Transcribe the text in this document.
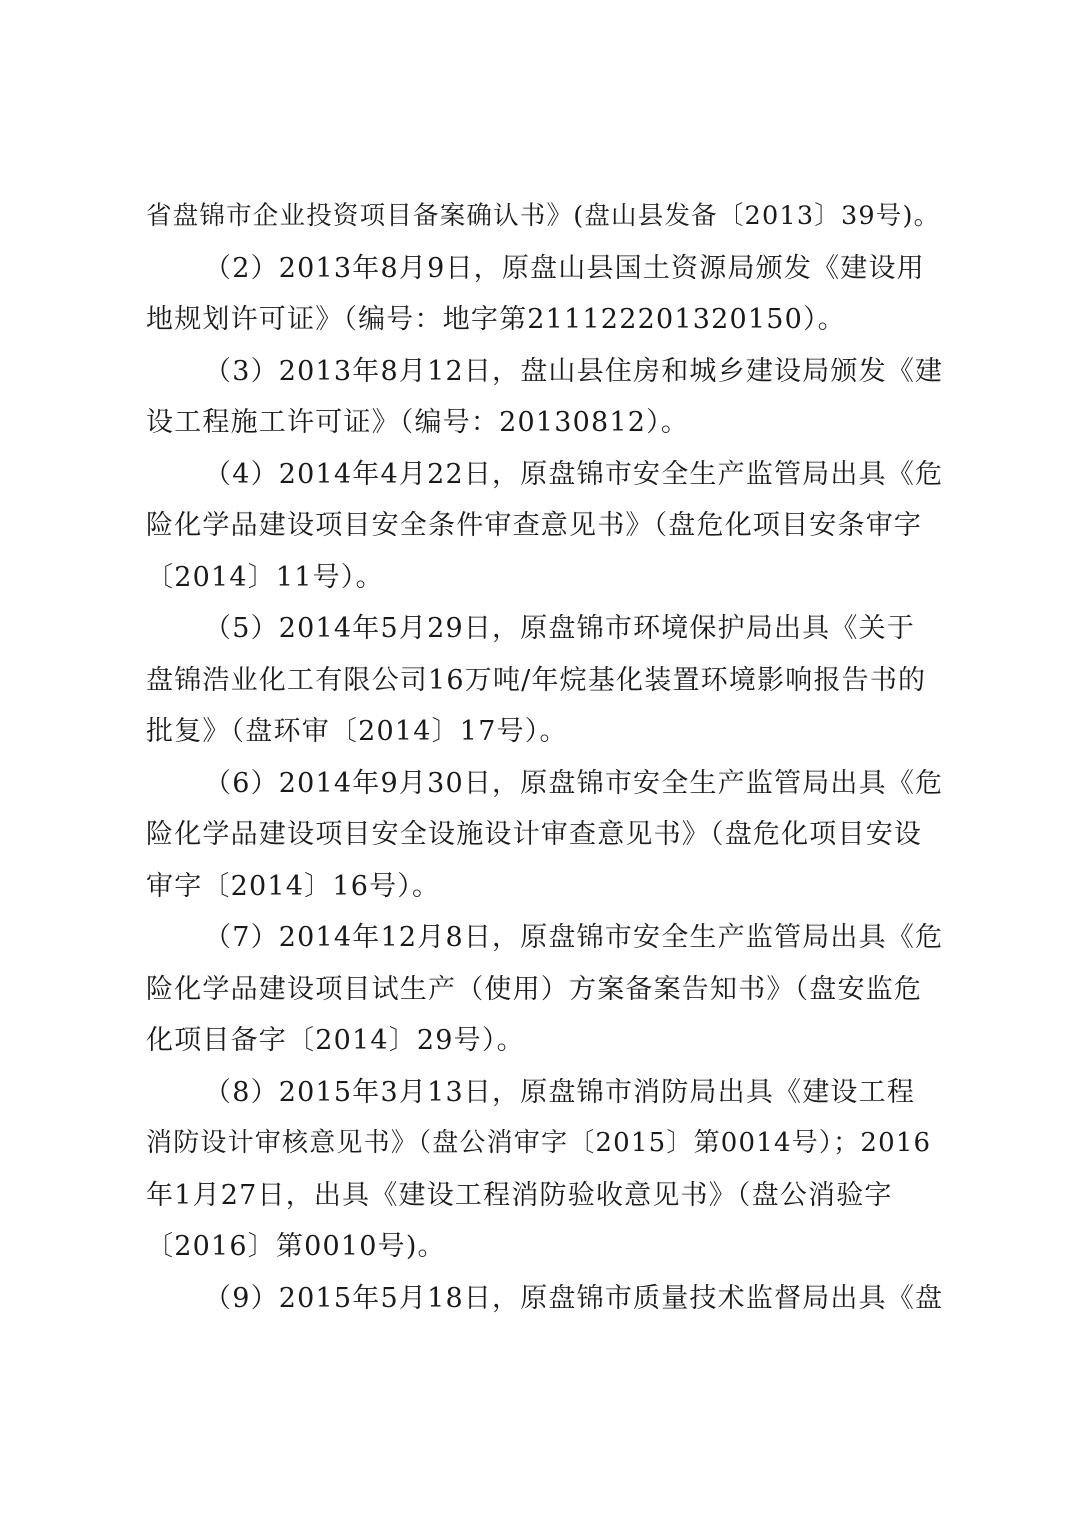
省盘锦市企业投资项目备案确认书》(盘山县发备〔2013〕39号)。
（2）2013年8月9日，原盘山县国土资源局颁发《建设用
地规划许可证》（编号：地字第211122201320150）。
（3）2013年8月12日，盘山县住房和城乡建设局颁发《建
设工程施工许可证》（编号：20130812）。
（4）2014年4月22日，原盘锦市安全生产监管局出具《危
险化学品建设项目安全条件审查意见书》（盘危化项目安条审字
〔2014〕11号）。
（5）2014年5月29日，原盘锦市环境保护局出具《关于
盘锦浩业化工有限公司16万吨/年烷基化装置环境影响报告书的
批复》（盘环审〔2014〕17号）。
（6）2014年9月30日，原盘锦市安全生产监管局出具《危
险化学品建设项目安全设施设计审查意见书》（盘危化项目安设
审字〔2014〕16号）。
（7）2014年12月8日，原盘锦市安全生产监管局出具《危
险化学品建设项目试生产（使用）方案备案告知书》（盘安监危
化项目备字〔2014〕29号）。
（8）2015年3月13日，原盘锦市消防局出具《建设工程
消防设计审核意见书》（盘公消审字〔2015〕第0014号）；2016
年1月27日，出具《建设工程消防验收意见书》（盘公消验字
〔2016〕第0010号)。
（9）2015年5月18日，原盘锦市质量技术监督局出具《盘
